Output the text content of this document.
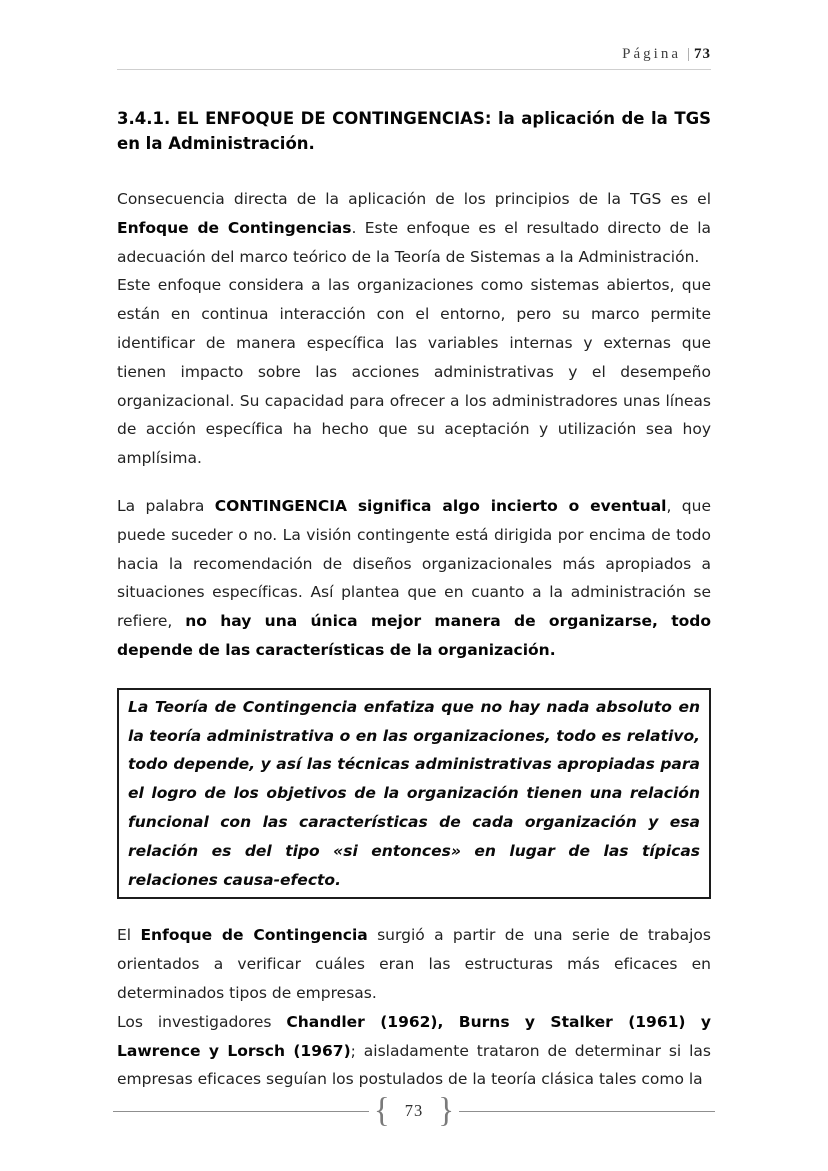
Página | 73
3.4.1. EL ENFOQUE DE CONTINGENCIAS: la aplicación de la TGS en la Administración.

Consecuencia directa de la aplicación de los principios de la TGS es el Enfoque de Contingencias. Este enfoque es el resultado directo de la adecuación del marco teórico de la Teoría de Sistemas a la Administración.

Este enfoque considera a las organizaciones como sistemas abiertos, que están en continua interacción con el entorno, pero su marco permite identificar de manera específica las variables internas y externas que tienen impacto sobre las acciones administrativas y el desempeño organizacional. Su capacidad para ofrecer a los administradores unas líneas de acción específica ha hecho que su aceptación y utilización sea hoy amplísima.

La palabra CONTINGENCIA significa algo incierto o eventual, que puede suceder o no. La visión contingente está dirigida por encima de todo hacia la recomendación de diseños organizacionales más apropiados a situaciones específicas. Así plantea que en cuanto a la administración se refiere, no hay una única mejor manera de organizarse, todo depende de las características de la organización.

La Teoría de Contingencia enfatiza que no hay nada absoluto en la teoría administrativa o en las organizaciones, todo es relativo, todo depende, y así las técnicas administrativas apropiadas para el logro de los objetivos de la organización tienen una relación funcional con las características de cada organización y esa relación es del tipo «si entonces» en lugar de las típicas relaciones causa-efecto.

El Enfoque de Contingencia surgió a partir de una serie de trabajos orientados a verificar cuáles eran las estructuras más eficaces en determinados tipos de empresas.

Los investigadores Chandler (1962), Burns y Stalker (1961) y Lawrence y Lorsch (1967); aisladamente trataron de determinar si las empresas eficaces seguían los postulados de la teoría clásica tales como la

{ 73 }
